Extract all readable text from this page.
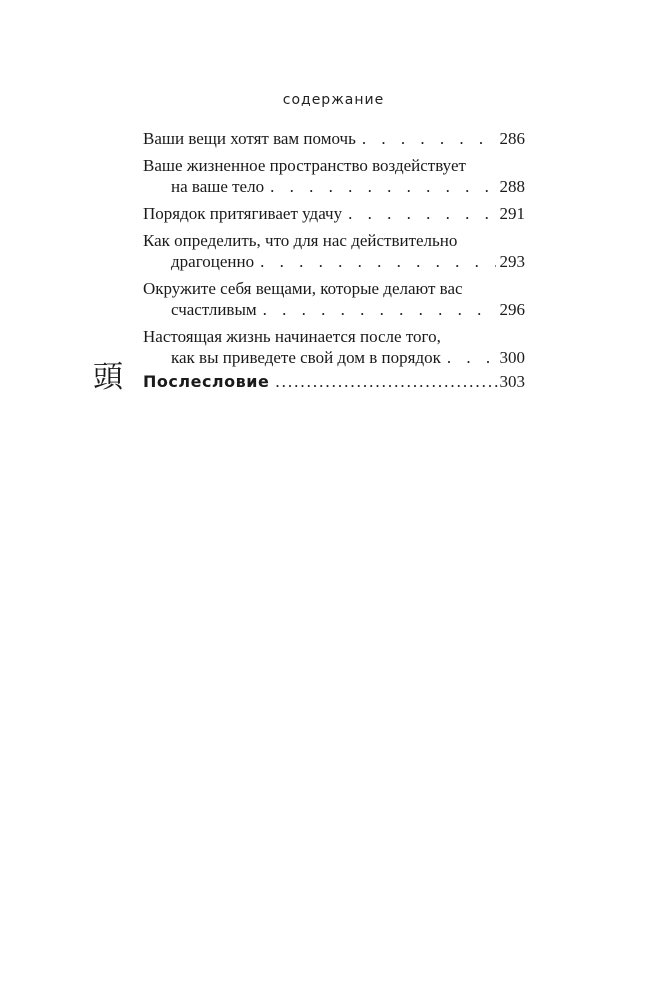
содержание
Ваши вещи хотят вам помочь . . .	286
Ваше жизненное пространство воздействует
на ваше тело . . .	288
Порядок притягивает удачу . . .	291
Как определить, что для нас действительно
драгоценно . . .	293
Окружите себя вещами, которые делают вас
счастливым . . .	296
Настоящая жизнь начинается после того,
как вы приведете свой дом в порядок . . .	300
頭	Послесловие .....	303
